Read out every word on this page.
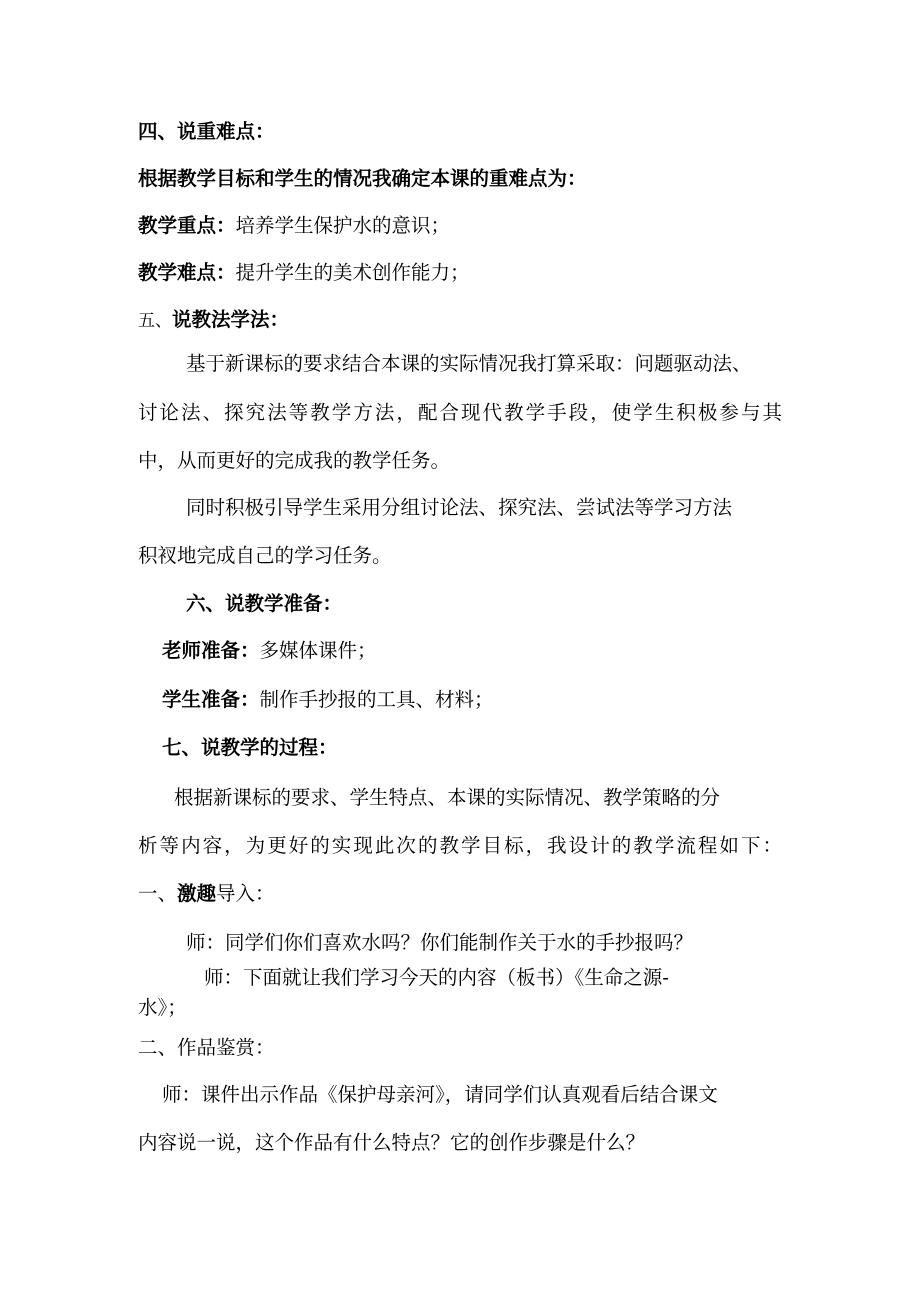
四、说重难点：
根据教学目标和学生的情况我确定本课的重难点为：
教学重点：培养学生保护水的意识；
教学难点：提升学生的美术创作能力；
五、说教法学法：
基于新课标的要求结合本课的实际情况我打算采取：问题驱动法、
讨论法、探究法等教学方法，配合现代教学手段，使学生积极参与其
中，从而更好的完成我的教学任务。
同时积极引导学生采用分组讨论法、探究法、尝试法等学习方法
积衩地完成自己的学习任务。
六、说教学准备：
老师准备：多媒体课件；
学生准备：制作手抄报的工具、材料；
七、说教学的过程：
根据新课标的要求、学生特点、本课的实际情况、教学策略的分
析等内容，为更好的实现此次的教学目标，我设计的教学流程如下：
一、激趣导入：
师：同学们你们喜欢水吗？你们能制作关于水的手抄报吗？
师：下面就让我们学习今天的内容（板书）《生命之源-
水》；
二、作品鉴赏：
师：课件出示作品《保护母亲河》，请同学们认真观看后结合课文
内容说一说，这个作品有什么特点？它的创作步骤是什么？
